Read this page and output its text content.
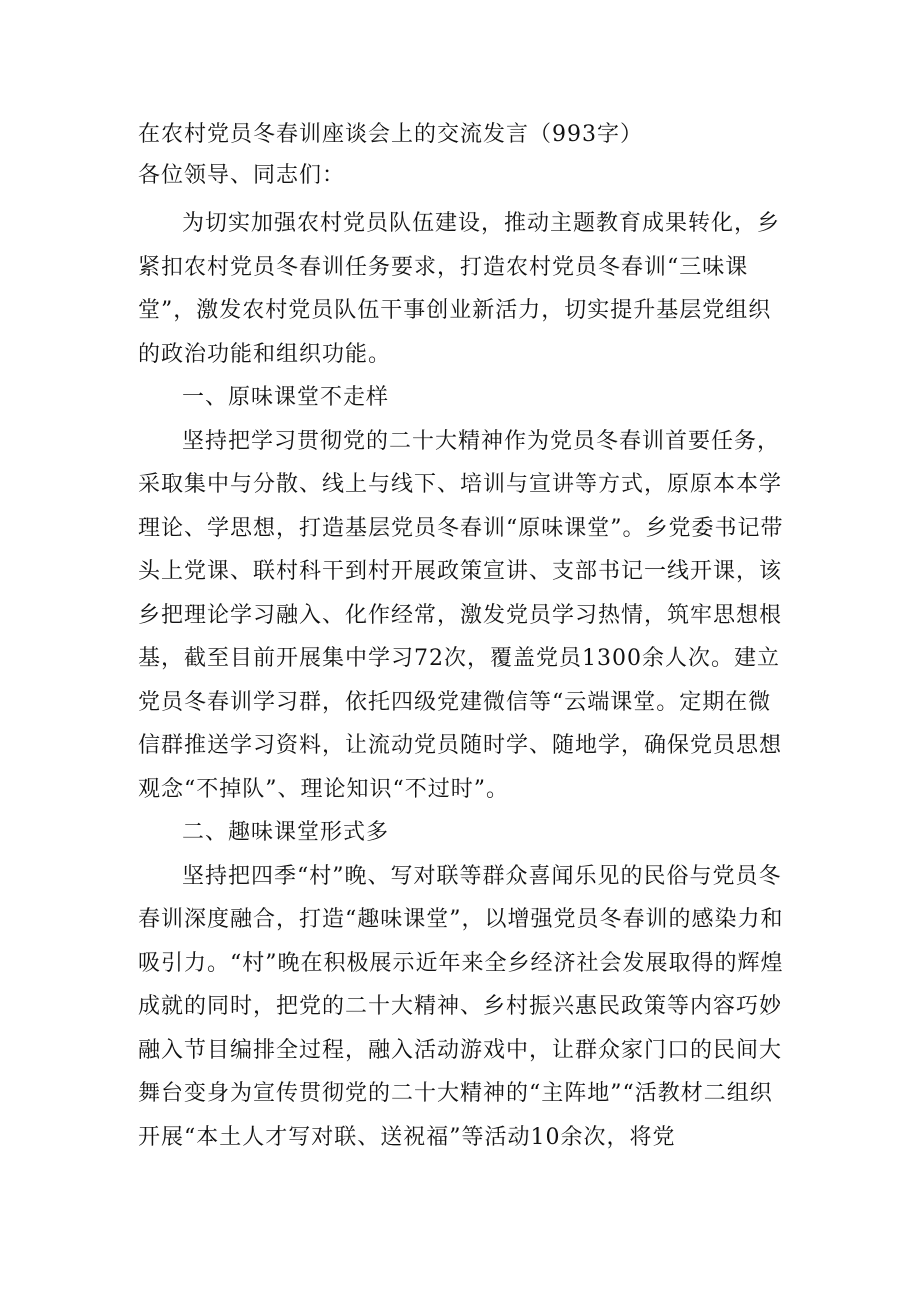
在农村党员冬春训座谈会上的交流发言（993字）
各位领导、同志们：

为切实加强农村党员队伍建设，推动主题教育成果转化，乡紧扣农村党员冬春训任务要求，打造农村党员冬春训“三味课堂”，激发农村党员队伍干事创业新活力，切实提升基层党组织的政治功能和组织功能。

一、原味课堂不走样

坚持把学习贯彻党的二十大精神作为党员冬春训首要任务，采取集中与分散、线上与线下、培训与宣讲等方式，原原本本学理论、学思想，打造基层党员冬春训“原味课堂”。乡党委书记带头上党课、联村科干到村开展政策宣讲、支部书记一线开课，该乡把理论学习融入、化作经常，激发党员学习热情，筑牢思想根基，截至目前开展集中学习72次，覆盖党员1300余人次。建立党员冬春训学习群，依托四级党建微信等“云端课堂。定期在微信群推送学习资料，让流动党员随时学、随地学，确保党员思想观念“不掉队”、理论知识“不过时”。

二、趣味课堂形式多

坚持把四季“村”晚、写对联等群众喜闻乐见的民俗与党员冬春训深度融合，打造“趣味课堂”，以增强党员冬春训的感染力和吸引力。“村”晚在积极展示近年来全乡经济社会发展取得的辉煌成就的同时，把党的二十大精神、乡村振兴惠民政策等内容巧妙融入节目编排全过程，融入活动游戏中，让群众家门口的民间大舞台变身为宣传贯彻党的二十大精神的“主阵地”“活教材二组织开展“本土人才写对联、送祝福”等活动10余次，将党
